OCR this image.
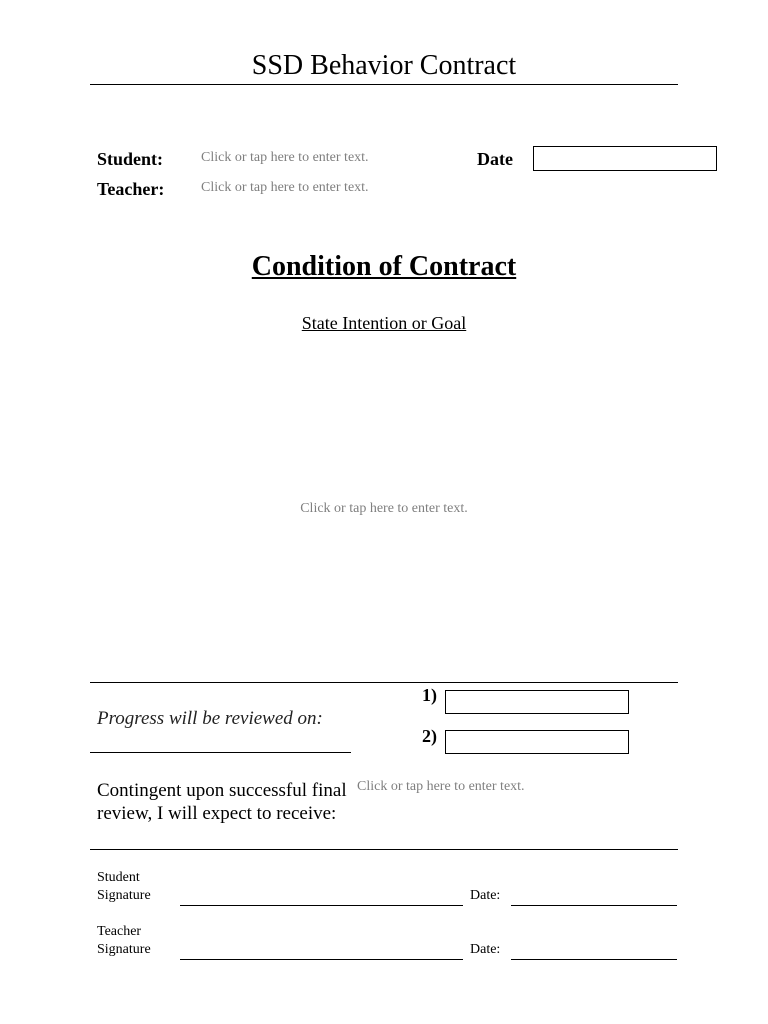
SSD Behavior Contract
Student:	Click or tap here to enter text.	Date
Teacher:	Click or tap here to enter text.
Condition of Contract
State Intention or Goal
Click or tap here to enter text.
Progress will be reviewed on:
1)
2)
Contingent upon successful final review, I will expect to receive:
Click or tap here to enter text.
Student
Signature	Date:
Teacher
Signature	Date:
